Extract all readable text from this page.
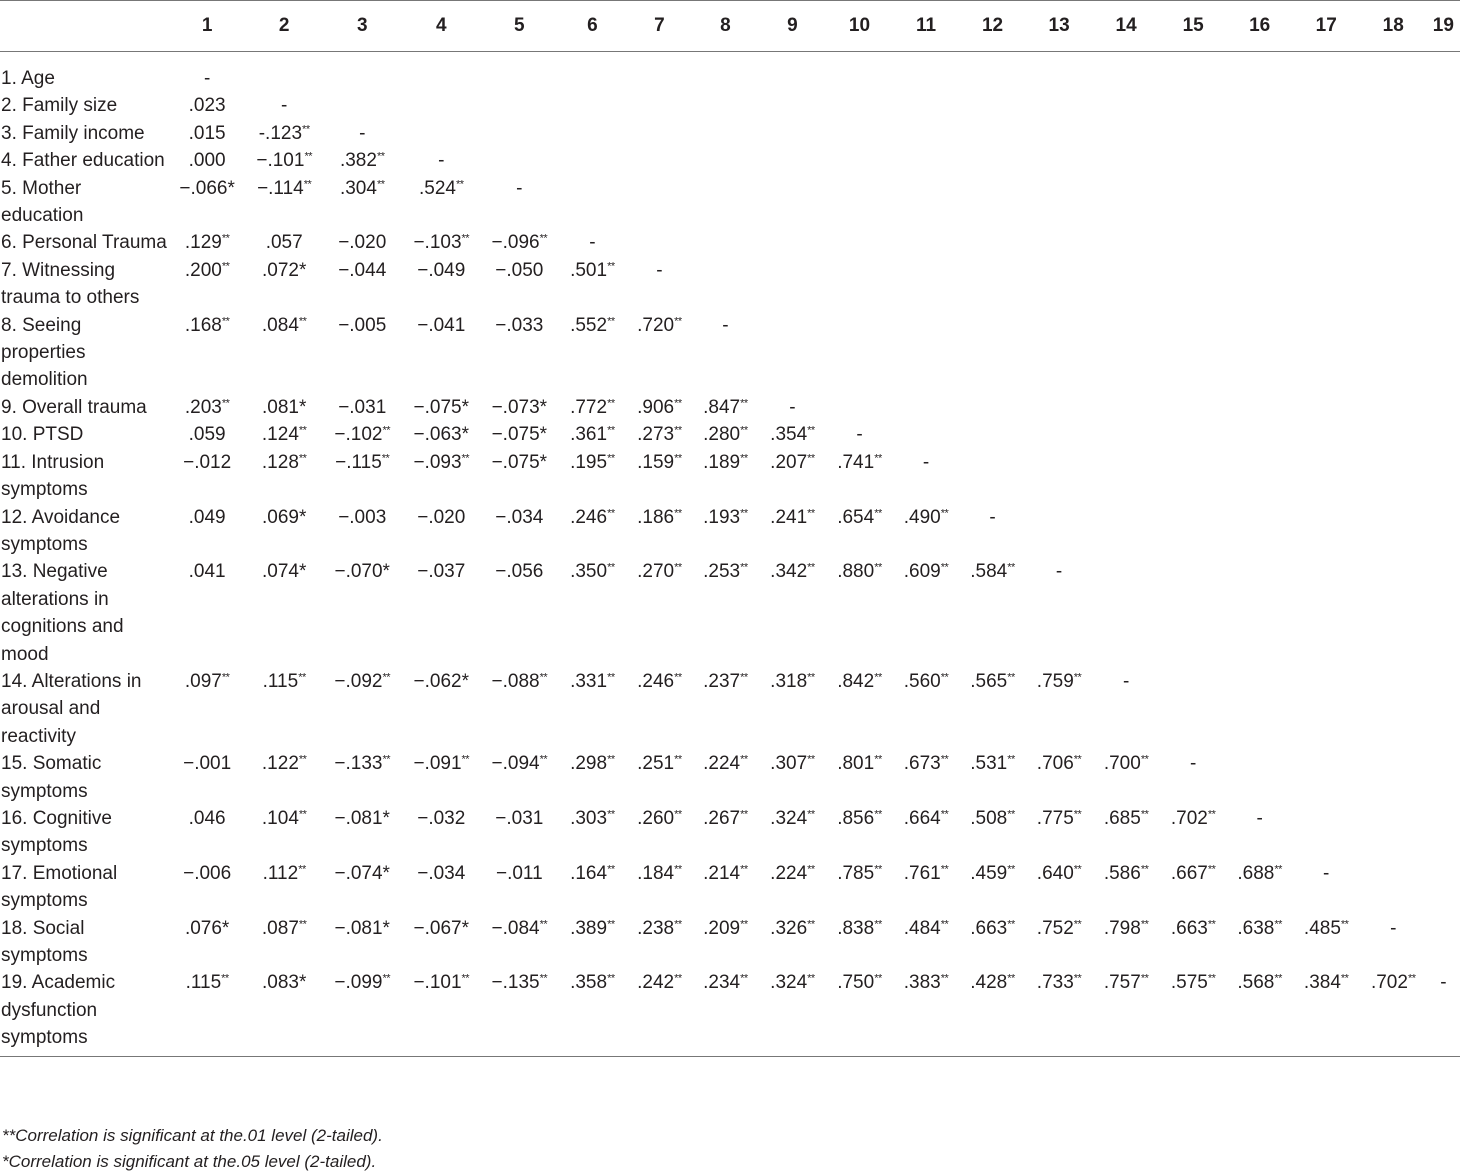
	1	2	3	4	5	6	7	8	9	10	11	12	13	14	15	16	17	18	19
1. Age	-																		
2. Family size	.023	-																	
3. Family income	.015	-.123**	-																
4. Father education	.000	−.101**	.382**	-															
5. Mother education	−.066*	−.114**	.304**	.524**	-														
6. Personal Trauma	.129**	.057	−.020	−.103**	−.096**	-													
7. Witnessing trauma to others	.200**	.072*	−.044	−.049	−.050	.501**	-												
8. Seeing properties demolition	.168**	.084**	−.005	−.041	−.033	.552**	.720**	-											
9. Overall trauma	.203**	.081*	−.031	−.075*	−.073*	.772**	.906**	.847**	-										
10. PTSD	.059	.124**	−.102**	−.063*	−.075*	.361**	.273**	.280**	.354**	-									
11. Intrusion symptoms	−.012	.128**	−.115**	−.093**	−.075*	.195**	.159**	.189**	.207**	.741**	-								
12. Avoidance symptoms	.049	.069*	−.003	−.020	−.034	.246**	.186**	.193**	.241**	.654**	.490**	-							
13. Negative alterations in cognitions and mood	.041	.074*	−.070*	−.037	−.056	.350**	.270**	.253**	.342**	.880**	.609**	.584**	-						
14. Alterations in arousal and reactivity	.097**	.115**	−.092**	−.062*	−.088**	.331**	.246**	.237**	.318**	.842**	.560**	.565**	.759**	-					
15. Somatic symptoms	−.001	.122**	−.133**	−.091**	−.094**	.298**	.251**	.224**	.307**	.801**	.673**	.531**	.706**	.700**	-				
16. Cognitive symptoms	.046	.104**	−.081*	−.032	−.031	.303**	.260**	.267**	.324**	.856**	.664**	.508**	.775**	.685**	.702**	-			
17. Emotional symptoms	−.006	.112**	−.074*	−.034	−.011	.164**	.184**	.214**	.224**	.785**	.761**	.459**	.640**	.586**	.667**	.688**	-		
18. Social symptoms	.076*	.087**	−.081*	−.067*	−.084**	.389**	.238**	.209**	.326**	.838**	.484**	.663**	.752**	.798**	.663**	.638**	.485**	-	
19. Academic dysfunction symptoms	.115**	.083*	−.099**	−.101**	−.135**	.358**	.242**	.234**	.324**	.750**	.383**	.428**	.733**	.757**	.575**	.568**	.384**	.702**	-
**Correlation is significant at the.01 level (2-tailed).
*Correlation is significant at the.05 level (2-tailed).
